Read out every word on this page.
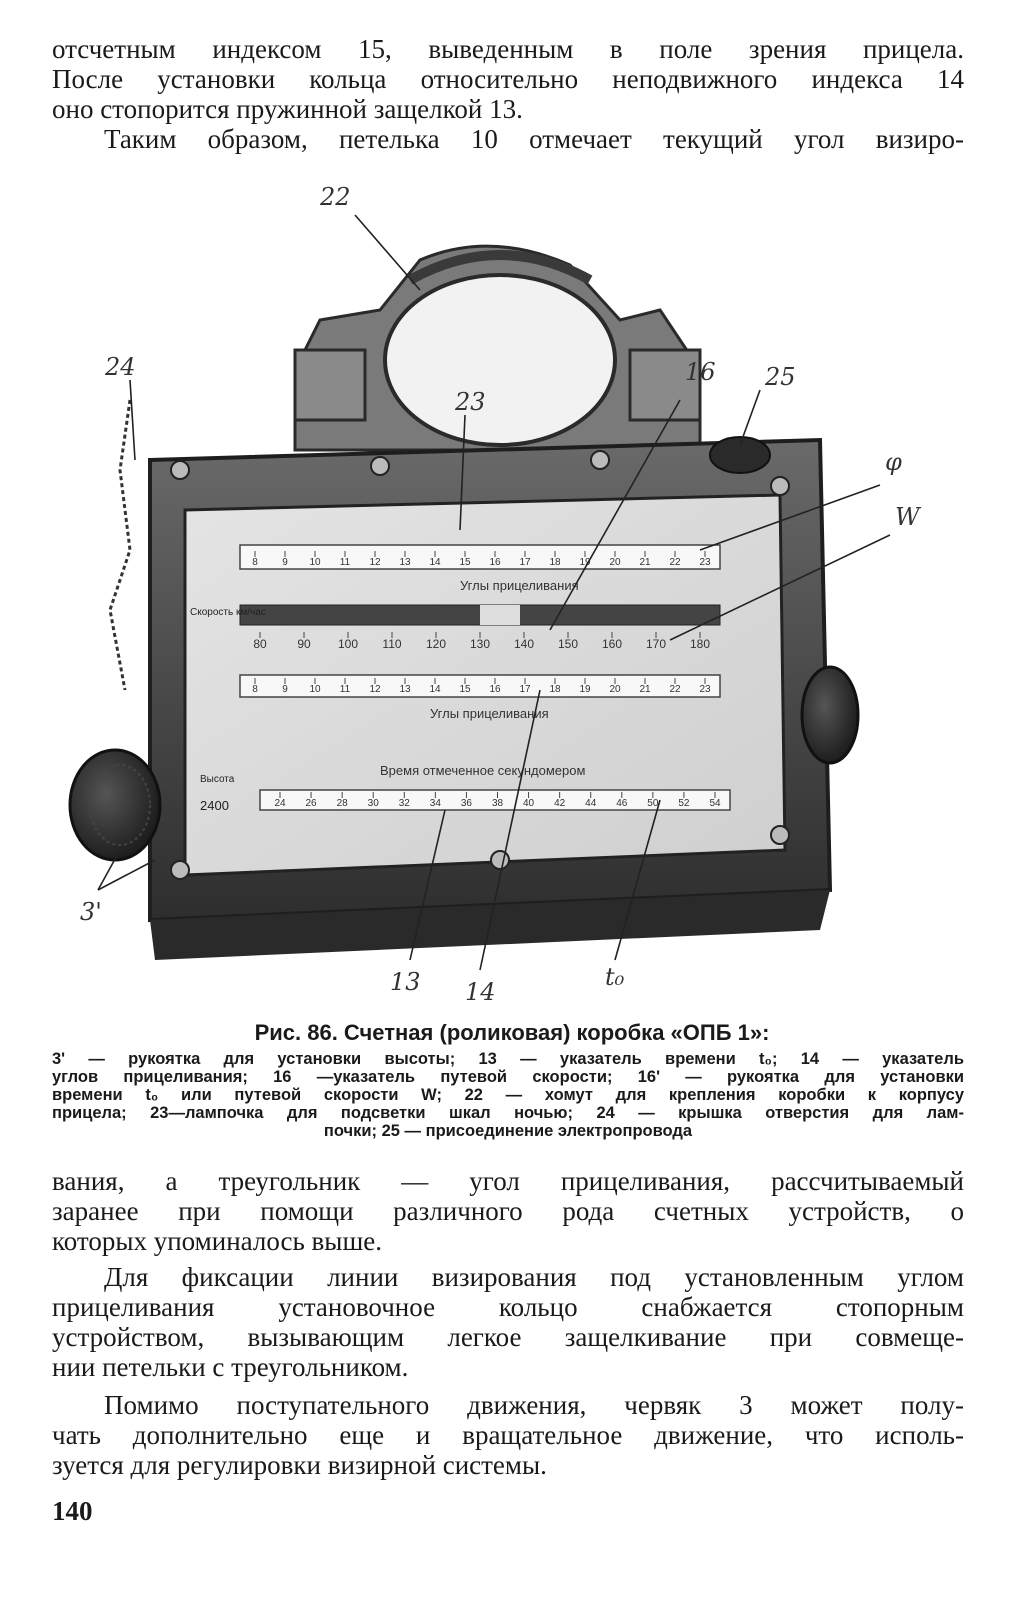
отсчетным индексом 15, выведенным в поле зрения прицела.
После установки кольца относительно неподвижного индекса 14
оно стопорится пружинной защелкой 13.
Таким образом, петелька 10 отмечает текущий угол визиро-
8 9 10 11 12 13 14 15 16 17 18 19 20 21 22 23
Углы прицеливания
Скорость км/час
80	90 100 110 120 130 140 150 160 170 180
8 9 10 11 12 13 14 15 16 17 18 19 20 21 22 23
Углы прицеливания
Время отмеченное секундомером
Высота
2400	24 26 28 30 32 34 36 38 40 42 44 46 50 52 54
22
24	16 25
23
φ
W
3'
13 14
t₀
Рис. 86. Счетная (роликовая) коробка «ОПБ 1»:
3' — рукоятка для установки высоты; 13 — указатель времени t₀; 14 — указатель
углов прицеливания; 16 —указатель путевой скорости; 16' — рукоятка для установки
времени t₀ или путевой скорости W; 22 — хомут для крепления коробки к корпусу
прицела; 23—лампочка для подсветки шкал ночью; 24 — крышка отверстия для лам-
почки; 25 — присоединение электропровода
вания, а треугольник — угол прицеливания, рассчитываемый
заранее при помощи различного рода счетных устройств, о
которых упоминалось выше.
Для фиксации линии визирования под установленным углом
прицеливания установочное кольцо снабжается стопорным
устройством, вызывающим легкое защелкивание при совмеще-
нии петельки с треугольником.
Помимо поступательного движения, червяк 3 может полу-
чать дополнительно еще и вращательное движение, что исполь-
зуется для регулировки визирной системы.
140
